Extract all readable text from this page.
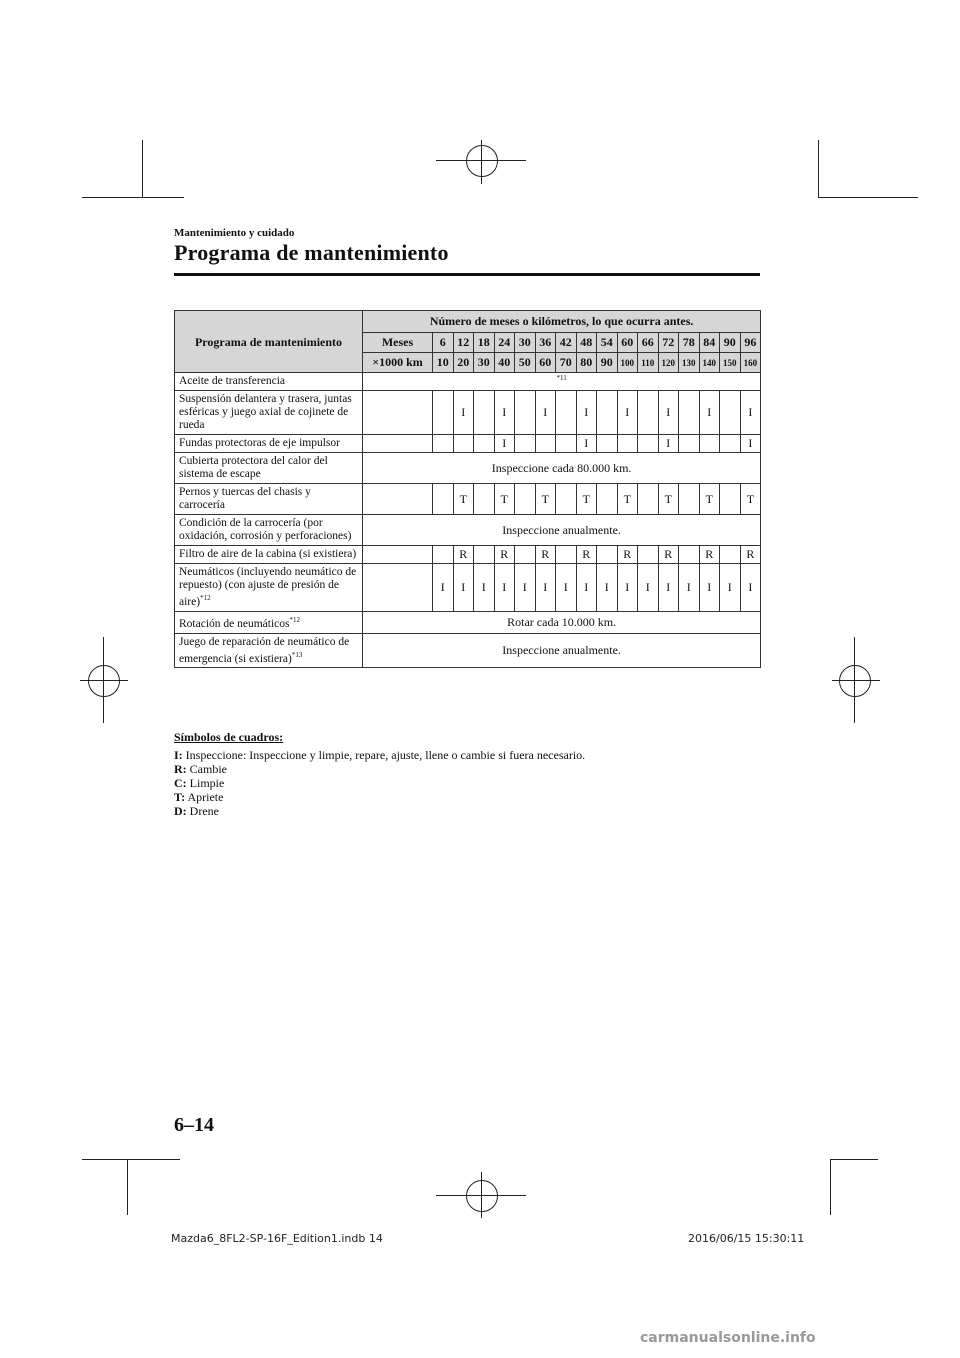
Mantenimiento y cuidado
Programa de mantenimiento
Programa de mantenimiento	Número de meses o kilómetros, lo que ocurra antes.																
	Meses	6	12	18	24	30	36	42	48	54	60	66	72	78	84	90	96
	×1000 km	10	20	30	40	50	60	70	80	90	100	110	120	130	140	150	160
Aceite de transferencia	$^{*11}$
Suspensión delantera y trasera, juntas esféricas y juego axial de cojinete de rueda			I		I		I		I		I		I		I		I
Fundas protectoras de eje impulsor					I				I				I				I
Cubierta protectora del calor del sistema de escape	Inspeccione cada 80.000 km.																
Pernos y tuercas del chasis y carrocería			T		T		T		T		T		T		T		T
Condición de la carrocería (por oxidación, corrosión y perforaciones)	Inspeccione anualmente.																
Filtro de aire de la cabina (si existiera)			R		R		R		R		R		R		R		R
Neumáticos (incluyendo neumático de repuesto) (con ajuste de presión de aire)$^{*12}$		I	I	I	I	I	I	I	I	I	I	I	I	I	I	I	I
Rotación de neumáticos$^{*12}$	Rotar cada 10.000 km.																
Juego de reparación de neumático de emergencia (si existiera)$^{*13}$	Inspeccione anualmente.																
Símbolos de cuadros:
I: Inspeccione: Inspeccione y limpie, repare, ajuste, llene o cambie si fuera necesario.
R: Cambie
C: Limpie
T: Apriete
D: Drene
6–14
Mazda6_8FL2-SP-16F_Edition1.indb 14	2016/06/15 15:30:11
carmanualsonline.info
